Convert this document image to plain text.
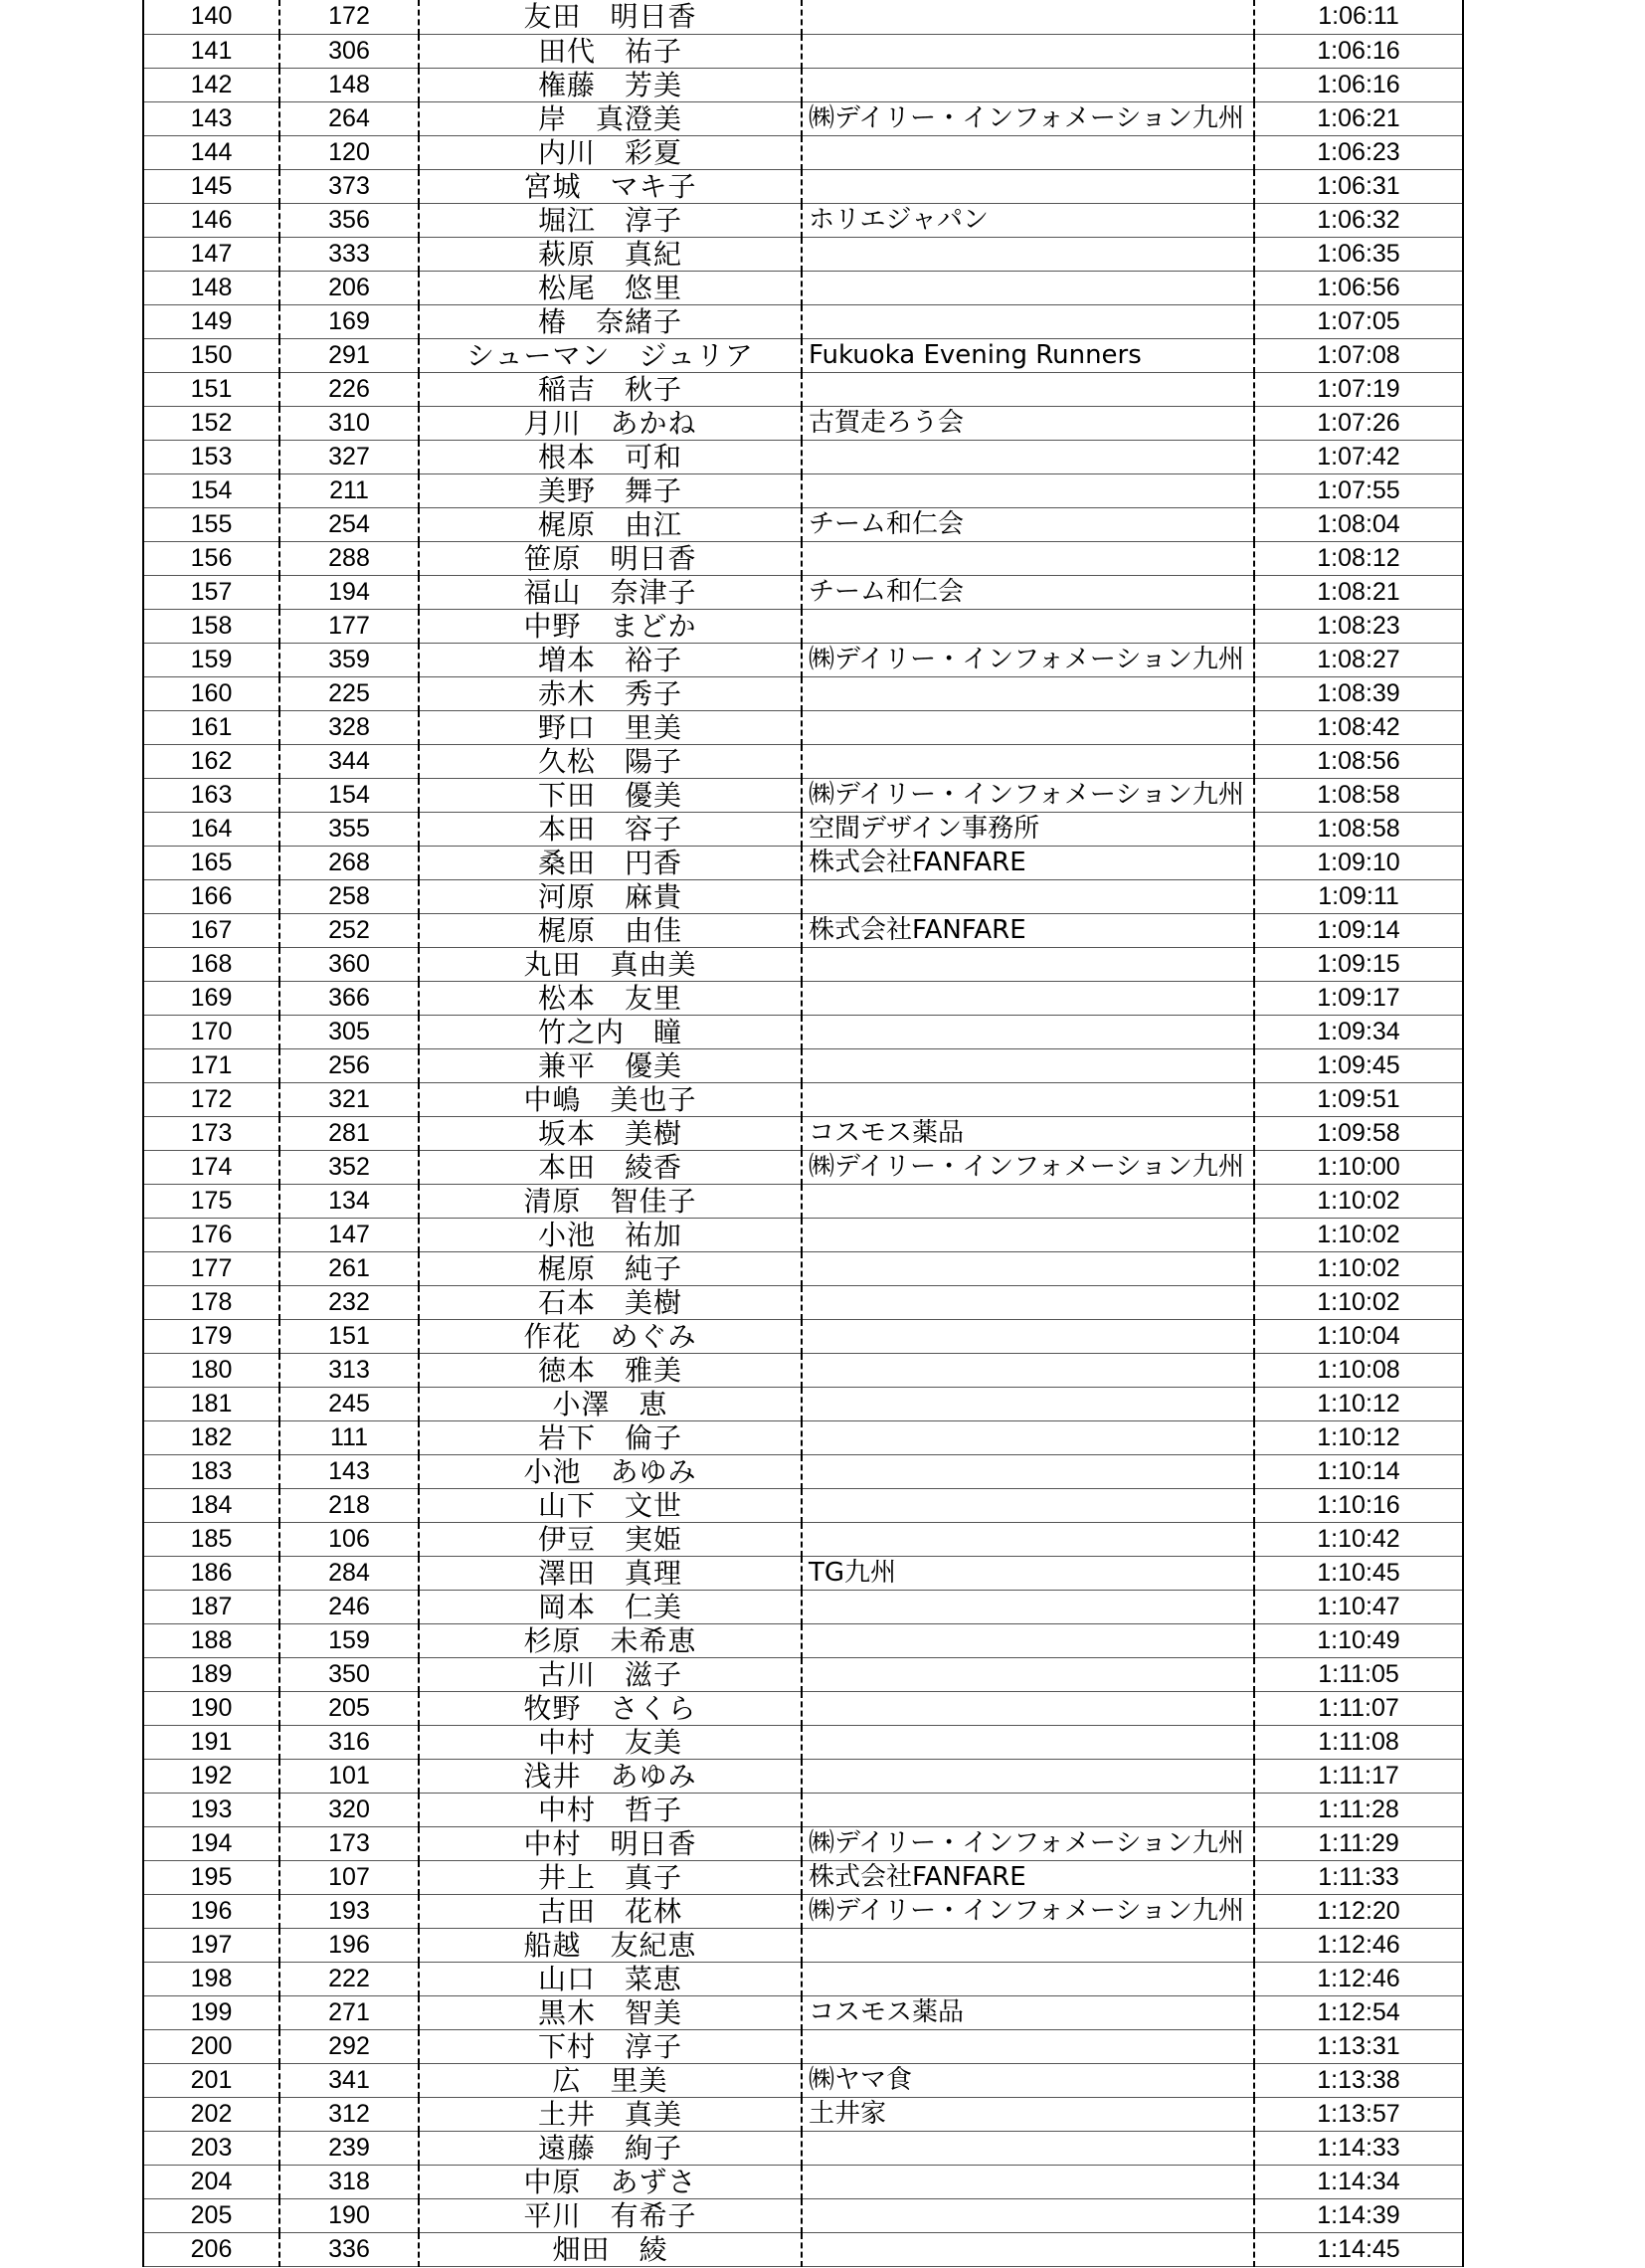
140	172	友田　明日香		1:06:11
141	306	田代　祐子		1:06:16
142	148	権藤　芳美		1:06:16
143	264	岸　真澄美	㈱デイリー・インフォメーション九州	1:06:21
144	120	内川　彩夏		1:06:23
145	373	宮城　マキ子		1:06:31
146	356	堀江　淳子	ホリエジャパン	1:06:32
147	333	萩原　真紀		1:06:35
148	206	松尾　悠里		1:06:56
149	169	椿　奈緒子		1:07:05
150	291	シューマン　ジュリア	Fukuoka Evening Runners	1:07:08
151	226	稲吉　秋子		1:07:19
152	310	月川　あかね	古賀走ろう会	1:07:26
153	327	根本　可和		1:07:42
154	211	美野　舞子		1:07:55
155	254	梶原　由江	チーム和仁会	1:08:04
156	288	笹原　明日香		1:08:12
157	194	福山　奈津子	チーム和仁会	1:08:21
158	177	中野　まどか		1:08:23
159	359	増本　裕子	㈱デイリー・インフォメーション九州	1:08:27
160	225	赤木　秀子		1:08:39
161	328	野口　里美		1:08:42
162	344	久松　陽子		1:08:56
163	154	下田　優美	㈱デイリー・インフォメーション九州	1:08:58
164	355	本田　容子	空間デザイン事務所	1:08:58
165	268	桑田　円香	株式会社FANFARE	1:09:10
166	258	河原　麻貴		1:09:11
167	252	梶原　由佳	株式会社FANFARE	1:09:14
168	360	丸田　真由美		1:09:15
169	366	松本　友里		1:09:17
170	305	竹之内　瞳		1:09:34
171	256	兼平　優美		1:09:45
172	321	中嶋　美也子		1:09:51
173	281	坂本　美樹	コスモス薬品	1:09:58
174	352	本田　綾香	㈱デイリー・インフォメーション九州	1:10:00
175	134	清原　智佳子		1:10:02
176	147	小池　祐加		1:10:02
177	261	梶原　純子		1:10:02
178	232	石本　美樹		1:10:02
179	151	作花　めぐみ		1:10:04
180	313	徳本　雅美		1:10:08
181	245	小澤　恵		1:10:12
182	111	岩下　倫子		1:10:12
183	143	小池　あゆみ		1:10:14
184	218	山下　文世		1:10:16
185	106	伊豆　実姫		1:10:42
186	284	澤田　真理	TG九州	1:10:45
187	246	岡本　仁美		1:10:47
188	159	杉原　未希恵		1:10:49
189	350	古川　滋子		1:11:05
190	205	牧野　さくら		1:11:07
191	316	中村　友美		1:11:08
192	101	浅井　あゆみ		1:11:17
193	320	中村　哲子		1:11:28
194	173	中村　明日香	㈱デイリー・インフォメーション九州	1:11:29
195	107	井上　真子	株式会社FANFARE	1:11:33
196	193	古田　花林	㈱デイリー・インフォメーション九州	1:12:20
197	196	船越　友紀恵		1:12:46
198	222	山口　菜恵		1:12:46
199	271	黒木　智美	コスモス薬品	1:12:54
200	292	下村　淳子		1:13:31
201	341	広　里美	㈱ヤマ食	1:13:38
202	312	土井　真美	土井家	1:13:57
203	239	遠藤　絢子		1:14:33
204	318	中原　あずさ		1:14:34
205	190	平川　有希子		1:14:39
206	336	畑田　綾		1:14:45
